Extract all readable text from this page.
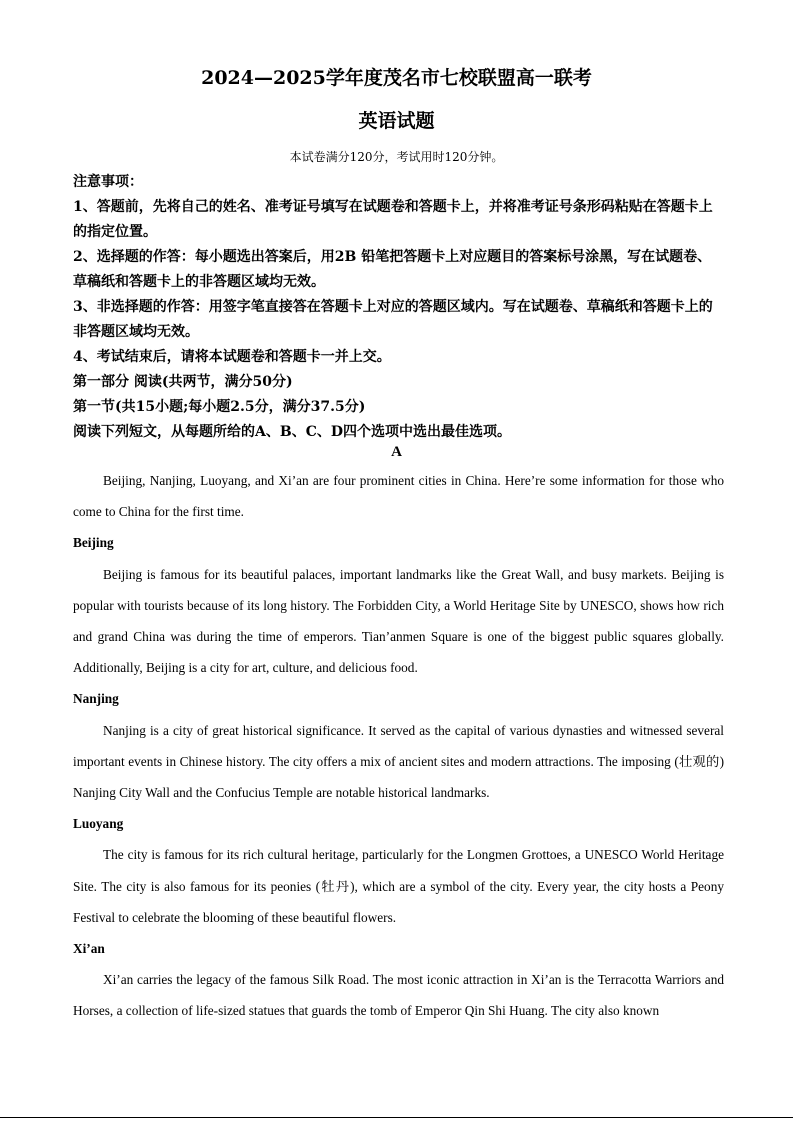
2024—2025学年度茂名市七校联盟高一联考
英语试题
本试卷满分120分，考试用时120分钟。
注意事项：
1、答题前，先将自己的姓名、准考证号填写在试题卷和答题卡上，并将准考证号条形码粘贴在答题卡上的指定位置。
2、选择题的作答：每小题选出答案后，用2B 铅笔把答题卡上对应题目的答案标号涂黑，写在试题卷、草稿纸和答题卡上的非答题区域均无效。
3、非选择题的作答：用签字笔直接答在答题卡上对应的答题区域内。写在试题卷、草稿纸和答题卡上的非答题区域均无效。
4、考试结束后，请将本试题卷和答题卡一并上交。
第一部分 阅读(共两节，满分50分)
第一节(共15小题;每小题2.5分，满分37.5分)
阅读下列短文，从每题所给的A、B、C、D四个选项中选出最佳选项。
A

Beijing, Nanjing, Luoyang, and Xi’an are four prominent cities in China. Here’re some information for those who come to China for the first time.

Beijing

Beijing is famous for its beautiful palaces, important landmarks like the Great Wall, and busy markets. Beijing is popular with tourists because of its long history. The Forbidden City, a World Heritage Site by UNESCO, shows how rich and grand China was during the time of emperors. Tian’anmen Square is one of the biggest public squares globally. Additionally, Beijing is a city for art, culture, and delicious food.

Nanjing

Nanjing is a city of great historical significance. It served as the capital of various dynasties and witnessed several important events in Chinese history. The city offers a mix of ancient sites and modern attractions. The imposing (壮观的) Nanjing City Wall and the Confucius Temple are notable historical landmarks.

Luoyang

The city is famous for its rich cultural heritage, particularly for the Longmen Grottoes, a UNESCO World Heritage Site. The city is also famous for its peonies (牡丹), which are a symbol of the city. Every year, the city hosts a Peony Festival to celebrate the blooming of these beautiful flowers.

Xi’an

Xi’an carries the legacy of the famous Silk Road. The most iconic attraction in Xi’an is the Terracotta Warriors and Horses, a collection of life-sized statues that guards the tomb of Emperor Qin Shi Huang. The city also known
